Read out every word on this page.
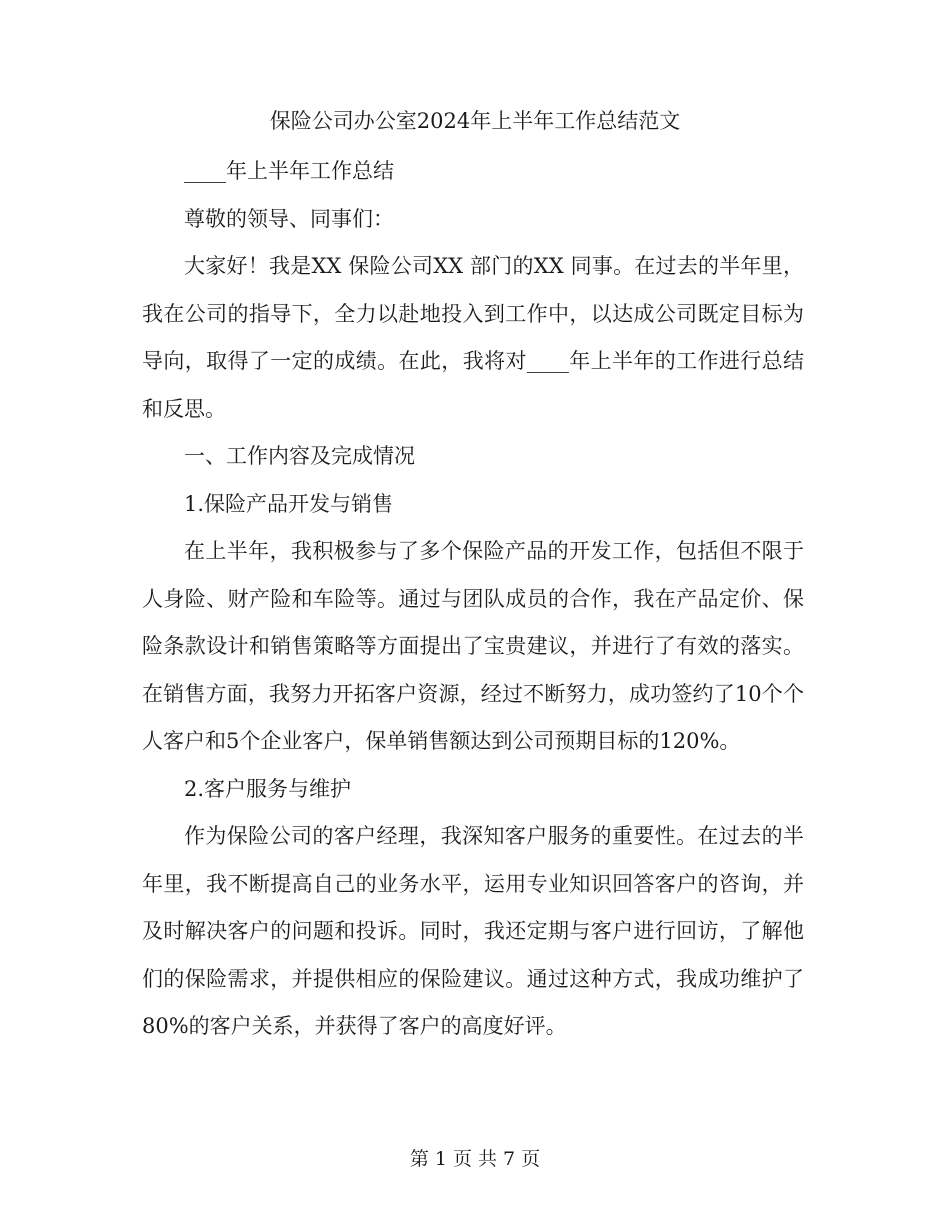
保险公司办公室2024年上半年工作总结范文

____年上半年工作总结

尊敬的领导、同事们：

大家好！我是XX 保险公司XX 部门的XX 同事。在过去的半年里，我在公司的指导下，全力以赴地投入到工作中，以达成公司既定目标为导向，取得了一定的成绩。在此，我将对____年上半年的工作进行总结和反思。

一、工作内容及完成情况

1.保险产品开发与销售

在上半年，我积极参与了多个保险产品的开发工作，包括但不限于人身险、财产险和车险等。通过与团队成员的合作，我在产品定价、保险条款设计和销售策略等方面提出了宝贵建议，并进行了有效的落实。在销售方面，我努力开拓客户资源，经过不断努力，成功签约了10个个人客户和5个企业客户，保单销售额达到公司预期目标的120%。

2.客户服务与维护

作为保险公司的客户经理，我深知客户服务的重要性。在过去的半年里，我不断提高自己的业务水平，运用专业知识回答客户的咨询，并及时解决客户的问题和投诉。同时，我还定期与客户进行回访，了解他们的保险需求，并提供相应的保险建议。通过这种方式，我成功维护了80%的客户关系，并获得了客户的高度好评。

第 1 页 共 7 页
